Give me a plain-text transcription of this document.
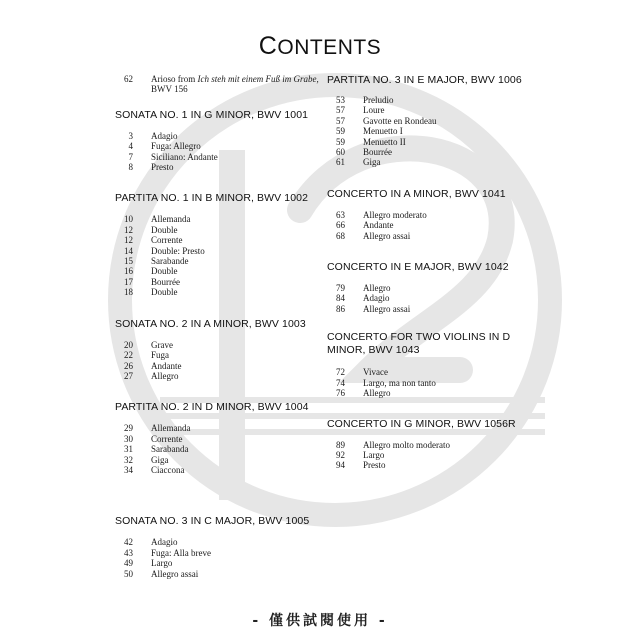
CONTENTS
62 Arioso from Ich steh mit einem Fuß im Grabe,
BWV 156
SONATA NO. 1 IN G MINOR, BWV 1001
3 Adagio
4 Fuga: Allegro
7 Siciliano: Andante
8 Presto
PARTITA NO. 1 IN B MINOR, BWV 1002
10 Allemanda
12 Double
12 Corrente
14 Double: Presto
15 Sarabande
16 Double
17 Bourrée
18 Double
SONATA NO. 2 IN A MINOR, BWV 1003
20 Grave
22 Fuga
26 Andante
27 Allegro
PARTITA NO. 2 IN D MINOR, BWV 1004
29 Allemanda
30 Corrente
31 Sarabanda
32 Giga
34 Ciaccona
SONATA NO. 3 IN C MAJOR, BWV 1005
42 Adagio
43 Fuga: Alla breve
49 Largo
50 Allegro assai
PARTITA NO. 3 IN E MAJOR, BWV 1006
53 Preludio
57 Loure
57 Gavotte en Rondeau
59 Menuetto I
59 Menuetto II
60 Bourrée
61 Giga
CONCERTO IN A MINOR, BWV 1041
63 Allegro moderato
66 Andante
68 Allegro assai
CONCERTO IN E MAJOR, BWV 1042
79 Allegro
84 Adagio
86 Allegro assai
CONCERTO FOR TWO VIOLINS IN D MINOR, BWV 1043
72 Vivace
74 Largo, ma non tanto
76 Allegro
CONCERTO IN G MINOR, BWV 1056R
89 Allegro molto moderato
92 Largo
94 Presto
- 僅供試閱使用 -
